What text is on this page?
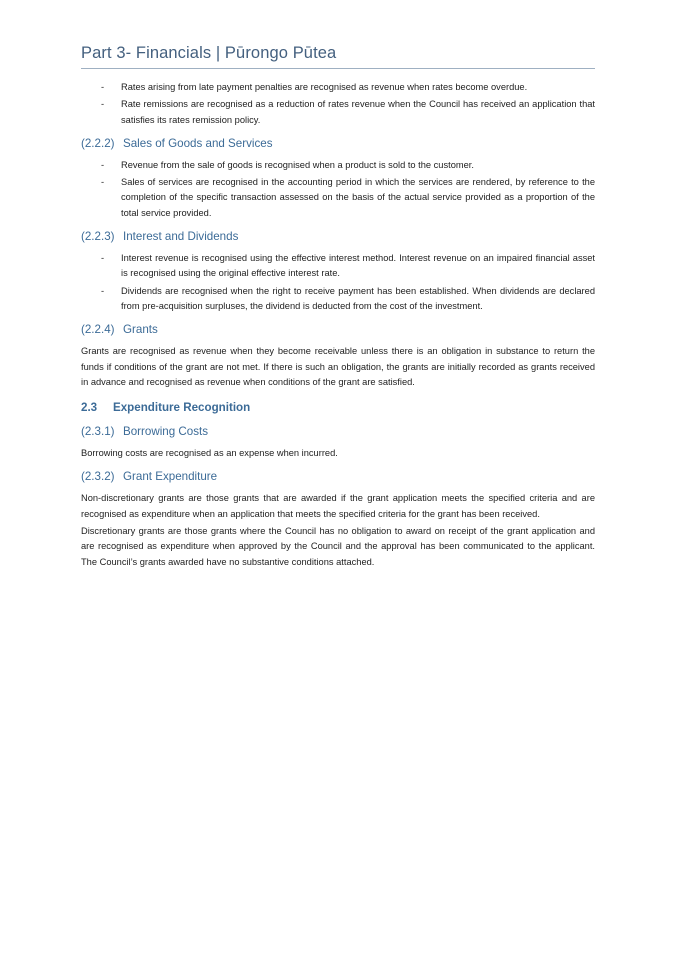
Part 3- Financials | Pūrongo Pūtea
- Rates arising from late payment penalties are recognised as revenue when rates become overdue.
- Rate remissions are recognised as a reduction of rates revenue when the Council has received an application that satisfies its rates remission policy.
(2.2.2) Sales of Goods and Services
- Revenue from the sale of goods is recognised when a product is sold to the customer.
- Sales of services are recognised in the accounting period in which the services are rendered, by reference to the completion of the specific transaction assessed on the basis of the actual service provided as a proportion of the total service provided.
(2.2.3) Interest and Dividends
- Interest revenue is recognised using the effective interest method. Interest revenue on an impaired financial asset is recognised using the original effective interest rate.
- Dividends are recognised when the right to receive payment has been established. When dividends are declared from pre-acquisition surpluses, the dividend is deducted from the cost of the investment.
(2.2.4) Grants

Grants are recognised as revenue when they become receivable unless there is an obligation in substance to return the funds if conditions of the grant are not met. If there is such an obligation, the grants are initially recorded as grants received in advance and recognised as revenue when conditions of the grant are satisfied.

2.3 Expenditure Recognition
(2.3.1) Borrowing Costs

Borrowing costs are recognised as an expense when incurred.

(2.3.2) Grant Expenditure

Non-discretionary grants are those grants that are awarded if the grant application meets the specified criteria and are recognised as expenditure when an application that meets the specified criteria for the grant has been received.

Discretionary grants are those grants where the Council has no obligation to award on receipt of the grant application and are recognised as expenditure when approved by the Council and the approval has been communicated to the applicant. The Council’s grants awarded have no substantive conditions attached.
